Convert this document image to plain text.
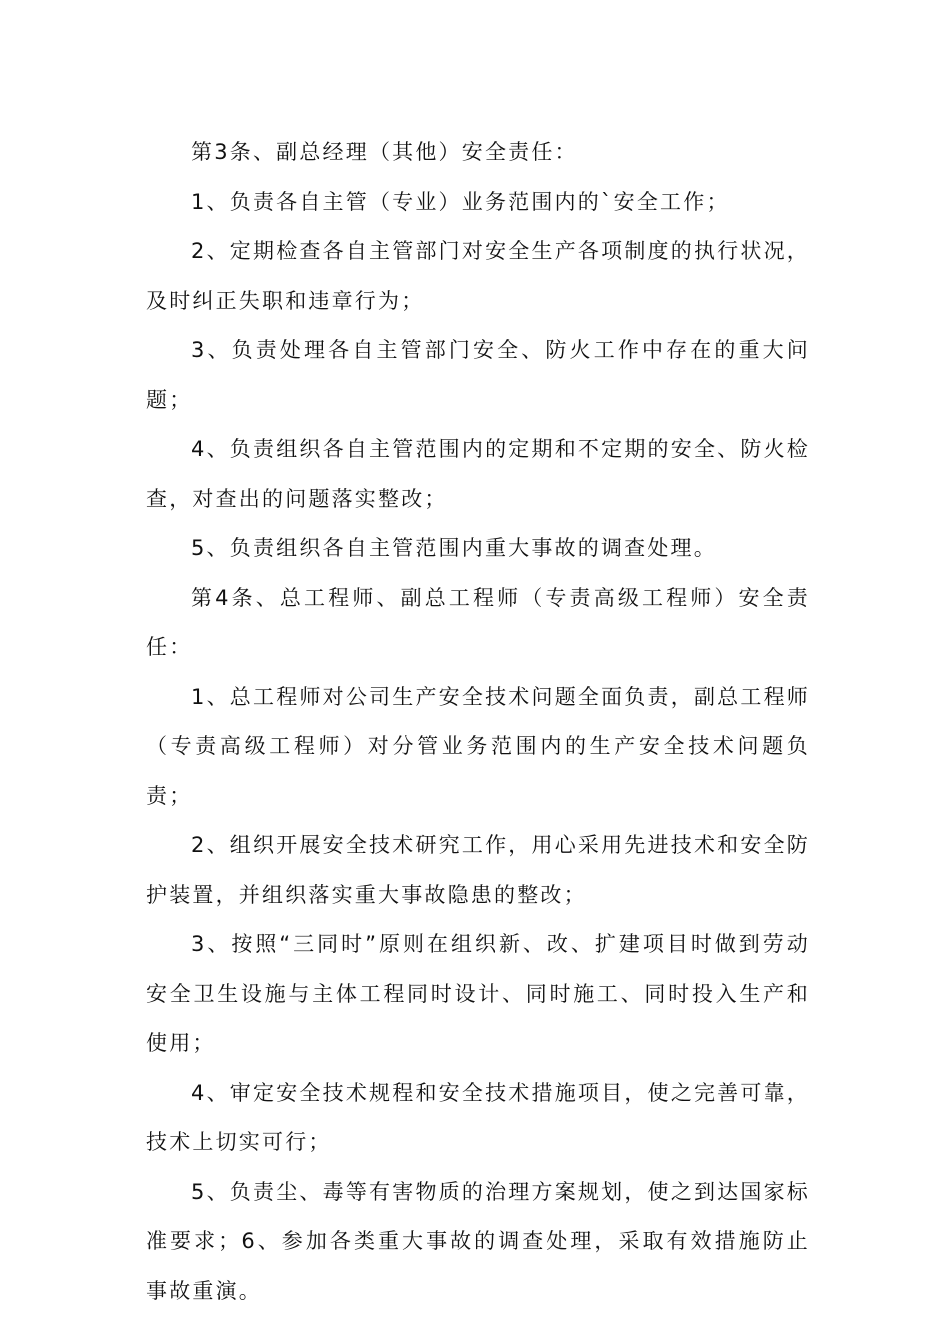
第3条、副总经理（其他）安全责任：

1、负责各自主管（专业）业务范围内的`安全工作；

2、定期检查各自主管部门对安全生产各项制度的执行状况，及时纠正失职和违章行为；

3、负责处理各自主管部门安全、防火工作中存在的重大问题；

4、负责组织各自主管范围内的定期和不定期的安全、防火检查，对查出的问题落实整改；

5、负责组织各自主管范围内重大事故的调查处理。

第4条、总工程师、副总工程师（专责高级工程师）安全责任：

1、总工程师对公司生产安全技术问题全面负责，副总工程师（专责高级工程师）对分管业务范围内的生产安全技术问题负责；

2、组织开展安全技术研究工作，用心采用先进技术和安全防护装置，并组织落实重大事故隐患的整改；

3、按照“三同时”原则在组织新、改、扩建项目时做到劳动安全卫生设施与主体工程同时设计、同时施工、同时投入生产和使用；

4、审定安全技术规程和安全技术措施项目，使之完善可靠，技术上切实可行；

5、负责尘、毒等有害物质的治理方案规划，使之到达国家标准要求；6、参加各类重大事故的调查处理，采取有效措施防止事故重演。
